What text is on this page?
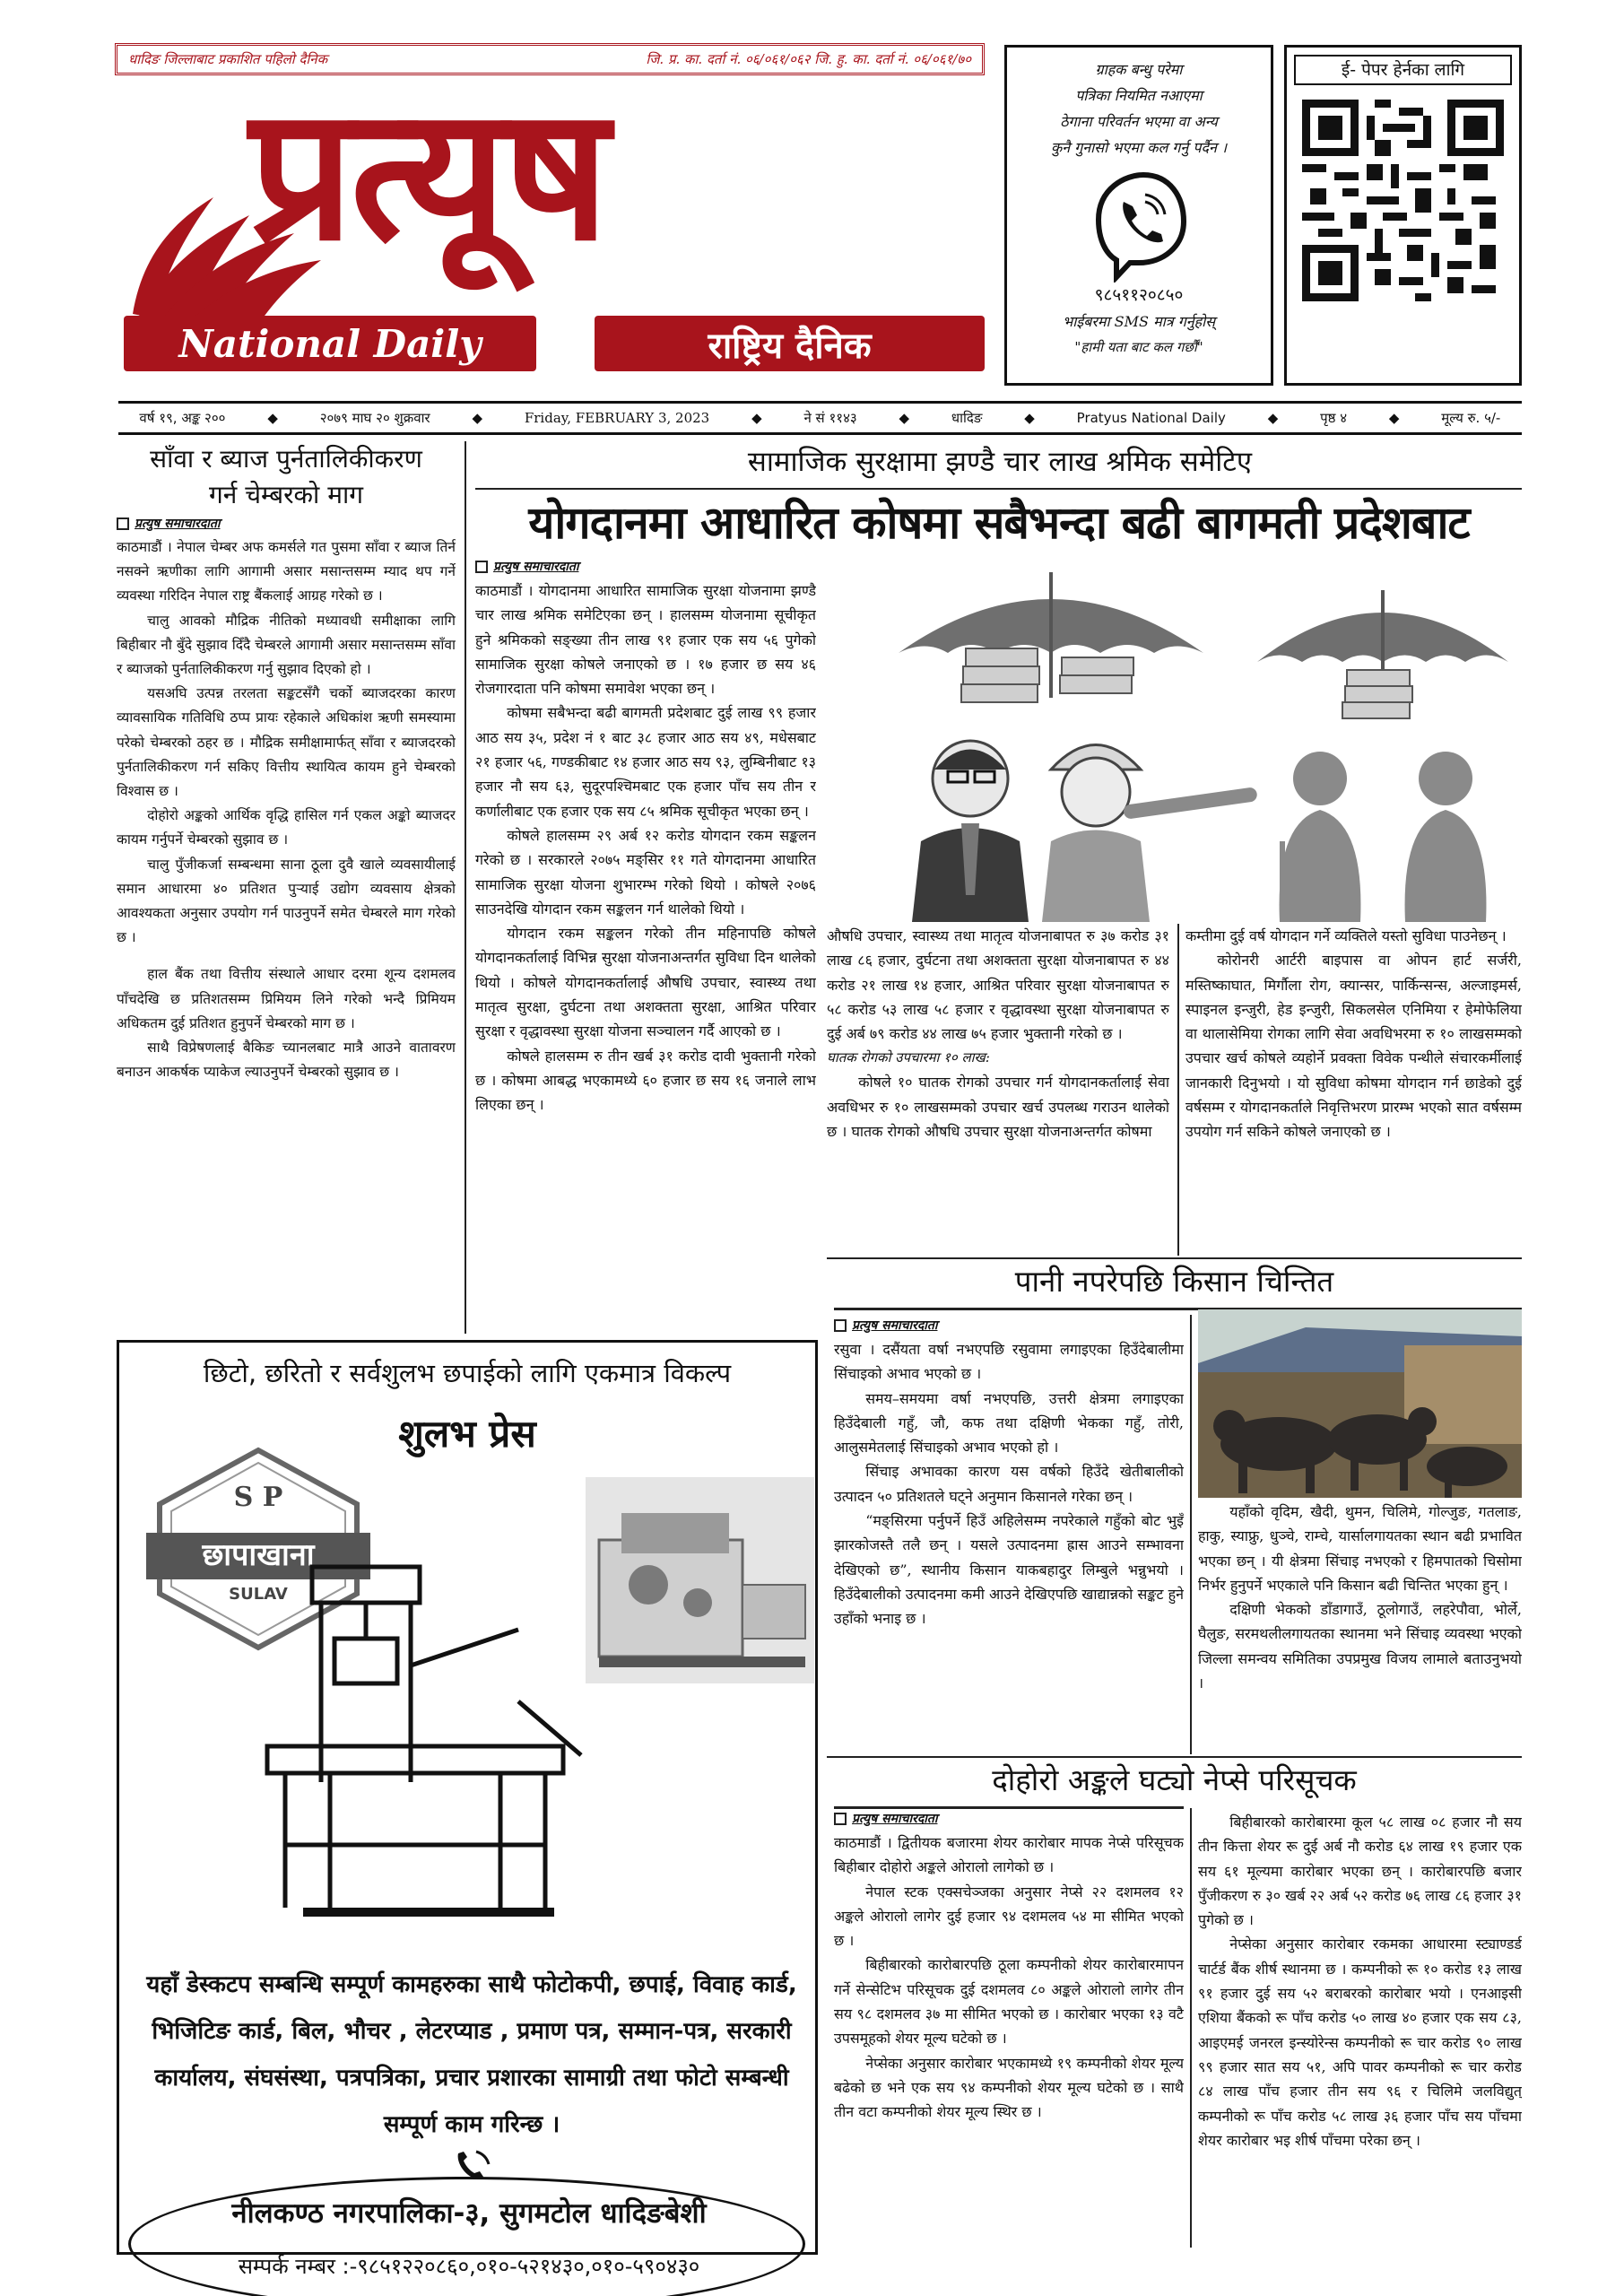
धादिङ जिल्लाबाट प्रकाशित पहिलो दैनिक	जि. प्र. का. दर्ता नं. ०६/०६१/०६२ जि. हु. का. दर्ता नं. ०६/०६१/७०
प्रत्यूष
National Daily	राष्ट्रिय दैनिक
ग्राहक बन्धु परेमा
पत्रिका नियमित नआएमा
ठेगाना परिवर्तन भएमा वा अन्य
कुनै गुनासो भएमा कल गर्नु पर्दैन ।
९८५११२०८५०
भाईबरमा SMS मात्र गर्नुहोस्
"हामी यता बाट कल गर्छौं"
ई- पेपर हेर्नका लागि
वर्ष १९, अङ्क २००	◆	२०७९ माघ २० शुक्रवार	◆	Friday, FEBRUARY 3, 2023	◆	ने सं ११४३	◆	धादिङ	◆	Pratyus National Daily	◆	पृष्ठ ४	◆	मूल्य रु. ५/-
साँवा र ब्याज पुर्नतालिकीकरण
गर्न चेम्बरको माग
प्रत्युष समाचारदाता

काठमाडौं । नेपाल चेम्बर अफ कमर्सले गत पुसमा साँवा र ब्याज तिर्न नसक्ने ऋणीका लागि आगामी असार मसान्तसम्म म्याद थप गर्ने व्यवस्था गरिदिन नेपाल राष्ट्र बैंकलाई आग्रह गरेको छ ।

चालु आवको मौद्रिक नीतिको मध्यावधी समीक्षाका लागि बिहीबार नौ बुँदे सुझाव दिँदै चेम्बरले आगामी असार मसान्तसम्म साँवा र ब्याजको पुर्नतालिकीकरण गर्नु सुझाव दिएको हो ।

यसअघि उत्पन्न तरलता सङ्कटसँगै चर्को ब्याजदरका कारण व्यावसायिक गतिविधि ठप्प प्रायः रहेकाले अधिकांश ऋणी समस्यामा परेको चेम्बरको ठहर छ । मौद्रिक समीक्षामार्फत् साँवा र ब्याजदरको पुर्नतालिकीकरण गर्न सकिए वित्तीय स्थायित्व कायम हुने चेम्बरको विश्वास छ ।

दोहोरो अङ्कको आर्थिक वृद्धि हासिल गर्न एकल अङ्को ब्याजदर कायम गर्नुपर्ने चेम्बरको सुझाव छ ।

चालु पुँजीकर्जा सम्बन्धमा साना ठूला दुवै खाले व्यवसायीलाई समान आधारमा ४० प्रतिशत पुऱ्याई उद्योग व्यवसाय क्षेत्रको आवश्यकता अनुसार उपयोग गर्न पाउनुपर्ने समेत चेम्बरले माग गरेको छ ।

हाल बैंक तथा वित्तीय संस्थाले आधार दरमा शून्य दशमलव पाँचदेखि छ प्रतिशतसम्म प्रिमियम लिने गरेको भन्दै प्रिमियम अधिकतम दुई प्रतिशत हुनुपर्ने चेम्बरको माग छ ।

साथै विप्रेषणलाई बैकिङ च्यानलबाट मात्रै आउने वातावरण बनाउन आकर्षक प्याकेज ल्याउनुपर्ने चेम्बरको सुझाव छ ।

सामाजिक सुरक्षामा झण्डै चार लाख श्रमिक समेटिए
योगदानमा आधारित कोषमा सबैभन्दा बढी बागमती प्रदेशबाट
प्रत्युष समाचारदाता

काठमाडौं । योगदानमा आधारित सामाजिक सुरक्षा योजनामा झण्डै चार लाख श्रमिक समेटिएका छन् । हालसम्म योजनामा सूचीकृत हुने श्रमिकको सङ्ख्या तीन लाख ९१ हजार एक सय ५६ पुगेको सामाजिक सुरक्षा कोषले जनाएको छ । १७ हजार छ सय ४६ रोजगारदाता पनि कोषमा समावेश भएका छन् ।

कोषमा सबैभन्दा बढी बागमती प्रदेशबाट दुई लाख ९९ हजार आठ सय ३५, प्रदेश नं १ बाट ३८ हजार आठ सय ४९, मधेसबाट २१ हजार ५६, गण्डकीबाट १४ हजार आठ सय ९३, लुम्बिनीबाट १३ हजार नौ सय ६३, सुदूरपश्चिमबाट एक हजार पाँच सय तीन र कर्णालीबाट एक हजार एक सय ८५ श्रमिक सूचीकृत भएका छन् ।

कोषले हालसम्म २९ अर्ब १२ करोड योगदान रकम सङ्कलन गरेको छ । सरकारले २०७५ मङ्सिर ११ गते योगदानमा आधारित सामाजिक सुरक्षा योजना शुभारम्भ गरेको थियो । कोषले २०७६ साउनदेखि योगदान रकम सङ्कलन गर्न थालेको थियो ।

योगदान रकम सङ्कलन गरेको तीन महिनापछि कोषले योगदानकर्तालाई विभिन्न सुरक्षा योजनाअन्तर्गत सुविधा दिन थालेको थियो । कोषले योगदानकर्तालाई औषधि उपचार, स्वास्थ्य तथा मातृत्व सुरक्षा, दुर्घटना तथा अशक्तता सुरक्षा, आश्रित परिवार सुरक्षा र वृद्धावस्था सुरक्षा योजना सञ्चालन गर्दै आएको छ ।

कोषले हालसम्म रु तीन खर्ब ३१ करोड दावी भुक्तानी गरेको छ । कोषमा आबद्ध भएकामध्ये ६० हजार छ सय १६ जनाले लाभ लिएका छन् ।

औषधि उपचार, स्वास्थ्य तथा मातृत्व योजनाबापत रु ३७ करोड ३१ लाख ८६ हजार, दुर्घटना तथा अशक्तता सुरक्षा योजनाबापत रु ४४ करोड २१ लाख १४ हजार, आश्रित परिवार सुरक्षा योजनाबापत रु ५८ करोड ५३ लाख ५८ हजार र वृद्धावस्था सुरक्षा योजनाबापत रु दुई अर्ब ७९ करोड ४४ लाख ७५ हजार भुक्तानी गरेको छ ।

घातक रोगको उपचारमा १० लाख:

कोषले १० घातक रोगको उपचार गर्न योगदानकर्तालाई सेवा अवधिभर रु १० लाखसम्मको उपचार खर्च उपलब्ध गराउन थालेको छ । घातक रोगको औषधि उपचार सुरक्षा योजनाअन्तर्गत कोषमा

कम्तीमा दुई वर्ष योगदान गर्ने व्यक्तिले यस्तो सुविधा पाउनेछन् ।

कोरोनरी आर्टरी बाइपास वा ओपन हार्ट सर्जरी, मस्तिष्काघात, मिर्गौला रोग, क्यान्सर, पार्किन्सन्स, अल्जाइमर्स, स्पाइनल इन्जुरी, हेड इन्जुरी, सिकलसेल एनिमिया र हेमोफेलिया वा थालासेमिया रोगका लागि सेवा अवधिभरमा रु १० लाखसम्मको उपचार खर्च कोषले व्यहोर्ने प्रवक्ता विवेक पन्थीले संचारकर्मीलाई जानकारी दिनुभयो । यो सुविधा कोषमा योगदान गर्न छाडेको दुई वर्षसम्म र योगदानकर्ताले निवृत्तिभरण प्रारम्भ भएको सात वर्षसम्म उपयोग गर्न सकिने कोषले जनाएको छ ।

पानी नपरेपछि किसान चिन्तित
प्रत्युष समाचारदाता

रसुवा । दसैंयता वर्षा नभएपछि रसुवामा लगाइएका हिउँदेबालीमा सिंचाइको अभाव भएको छ ।

समय–समयमा वर्षा नभएपछि, उत्तरी क्षेत्रमा लगाइएका हिउँदेबाली गहुँ, जौ, कफ तथा दक्षिणी भेकका गहुँ, तोरी, आलुसमेतलाई सिंचाइको अभाव भएको हो ।

सिंचाइ अभावका कारण यस वर्षको हिउँदे खेतीबालीको उत्पादन ५० प्रतिशतले घट्ने अनुमान किसानले गरेका छन् ।

“मङ्सिरमा पर्नुपर्ने हिउँ अहिलेसम्म नपरेकाले गहुँको बोट भुइँ झारकोजस्तै तलै छन् । यसले उत्पादनमा ह्रास आउने सम्भावना देखिएको छ”, स्थानीय किसान याकबहादुर लिम्बुले भन्नुभयो । हिउँदेबालीको उत्पादनमा कमी आउने देखिएपछि खाद्यान्नको सङ्कट हुने उहाँको भनाइ छ ।

यहाँको वृदिम, खैदी, थुमन, चिलिमे, गोल्जुङ, गतलाङ, हाकु, स्याफ्रु, धुञ्चे, राम्चे, यार्सालगायतका स्थान बढी प्रभावित भएका छन् । यी क्षेत्रमा सिंचाइ नभएको र हिमपातको चिसोमा निर्भर हुनुपर्ने भएकाले पनि किसान बढी चिन्तित भएका हुन् ।

दक्षिणी भेकको डाँडागाउँ, ठूलोगाउँ, लहरेपौवा, भोर्ले, घैलुङ, सरमथलीलगायतका स्थानमा भने सिंचाइ व्यवस्था भएको जिल्ला समन्वय समितिका उपप्रमुख विजय लामाले बताउनुभयो ।

दोहोरो अङ्कले घट्यो नेप्से परिसूचक
प्रत्युष समाचारदाता

काठमाडौं । द्वितीयक बजारमा शेयर कारोबार मापक नेप्से परिसूचक बिहीबार दोहोरो अङ्कले ओरालो लागेको छ ।

नेपाल स्टक एक्सचेञ्जका अनुसार नेप्से २२ दशमलव १२ अङ्कले ओरालो लागेर दुई हजार ९४ दशमलव ५४ मा सीमित भएको छ ।

बिहीबारको कारोबारपछि ठूला कम्पनीको शेयर कारोबारमापन गर्ने सेन्सेटिभ परिसूचक दुई दशमलव ८० अङ्कले ओरालो लागेर तीन सय ९८ दशमलव ३७ मा सीमित भएको छ । कारोबार भएका १३ वटै उपसमूहको शेयर मूल्य घटेको छ ।

नेप्सेका अनुसार कारोबार भएकामध्ये १९ कम्पनीको शेयर मूल्य बढेको छ भने एक सय ९४ कम्पनीको शेयर मूल्य घटेको छ । साथै तीन वटा कम्पनीको शेयर मूल्य स्थिर छ ।

बिहीबारको कारोबारमा कूल ५८ लाख ०८ हजार नौ सय तीन कित्ता शेयर रू दुई अर्ब नौ करोड ६४ लाख १९ हजार एक सय ६१ मूल्यमा कारोबार भएका छन् । कारोबारपछि बजार पुँजीकरण रु ३० खर्ब २२ अर्ब ५२ करोड ७६ लाख ८६ हजार ३१ पुगेको छ ।

नेप्सेका अनुसार कारोबार रकमका आधारमा स्ट्याण्डर्ड चार्टर्ड बैंक शीर्ष स्थानमा छ । कम्पनीको रू १० करोड १३ लाख ९१ हजार दुई सय ५२ बराबरको कारोबार भयो । एनआइसी एशिया बैंकको रू पाँच करोड ५० लाख ४० हजार एक सय ८३, आइएमई जनरल इन्स्योरेन्स कम्पनीको रू चार करोड ९० लाख ९९ हजार सात सय ५१, अपि पावर कम्पनीको रू चार करोड ८४ लाख पाँच हजार तीन सय ९६ र चिलिमे जलविद्युत् कम्पनीको रू पाँच करोड ५८ लाख ३६ हजार पाँच सय पाँचमा शेयर कारोबार भइ शीर्ष पाँचमा परेका छन् ।

छिटो, छरितो र सर्वशुलभ छपाईको लागि एकमात्र विकल्प
शुलभ प्रेस
S P
छापाखाना
SULAV
यहाँ डेस्कटप सम्बन्धि सम्पूर्ण कामहरुका साथै फोटोकपी, छपाई, विवाह कार्ड, भिजिटिङ कार्ड, बिल, भौचर , लेटरप्याड , प्रमाण पत्र, सम्मान-पत्र, सरकारी कार्यालय, संघसंस्था, पत्रपत्रिका, प्रचार प्रशारका सामाग्री तथा फोटो सम्बन्धी सम्पूर्ण काम गरिन्छ ।
नीलकण्ठ नगरपालिका-३, सुगमटोल धादिङबेशी
सम्पर्क नम्बर :-९८५१२२०८६०,०१०-५२१४३०,०१०-५९०४३०
